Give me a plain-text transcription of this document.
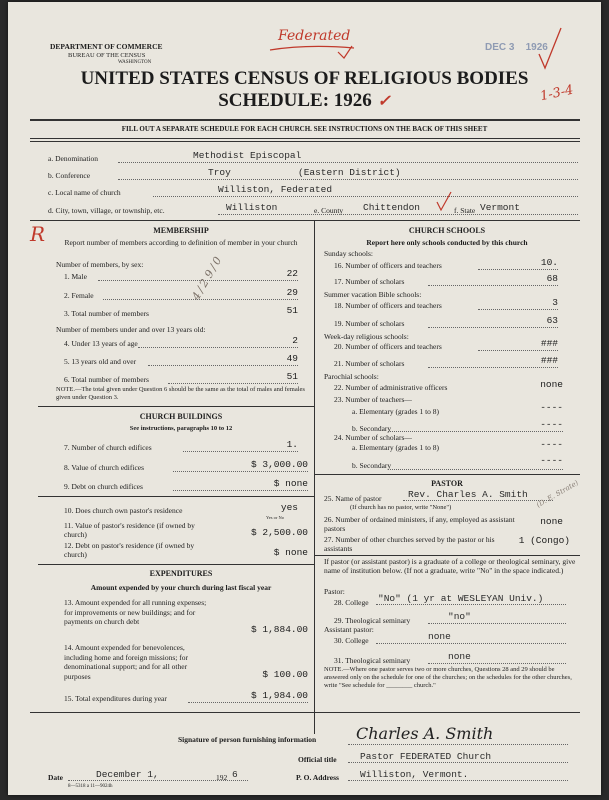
DEPARTMENT OF COMMERCE
BUREAU OF THE CENSUS
WASHINGTON
Federated
DEC 3 1926
1-3-4
UNITED STATES CENSUS OF RELIGIOUS BODIES
SCHEDULE: 1926 ✓
FILL OUT A SEPARATE SCHEDULE FOR EACH CHURCH. SEE INSTRUCTIONS ON THE BACK OF THIS SHEET
a. Denomination	Methodist Episcopal
b. Conference	Troy	(Eastern District)
c. Local name of church	Williston, Federated
d. City, town, village, or township, etc.	Williston	e. County Chittendon	f. State Vermont
R	MEMBERSHIP
Report number of members according to definition of member in your church
Number of members, by sex:
1. Male	22
4 / 2 9 / 0
2. Female	29
3. Total number of members	51
Number of members under and over 13 years old:
4. Under 13 years of age	2
5. 13 years old and over	49
6. Total number of members	51
NOTE.—The total given under Question 6 should be the same as the total of males and females given under Question 3.
CHURCH BUILDINGS
See instructions, paragraphs 10 to 12
7. Number of church edifices	1.
8. Value of church edifices	$ 3,000.00
9. Debt on church edifices	$ none
10. Does church own pastor's residence	yes
Yes or No
11. Value of pastor's residence (if owned by church)	$ 2,500.00
12. Debt on pastor's residence (if owned by church)	$ none
EXPENDITURES
Amount expended by your church during last fiscal year
13. Amount expended for all running expenses; for improvements or new buildings; and for payments on church debt
$ 1,884.00
14. Amount expended for benevolences, including home and foreign missions; for denominational support; and for all other purposes	$ 100.00
15. Total expenditures during year	$ 1,984.00
CHURCH SCHOOLS
Report here only schools conducted by this church
Sunday schools:
16. Number of officers and teachers	10.
17. Number of scholars	68
Summer vacation Bible schools:
18. Number of officers and teachers	3
19. Number of scholars	63
Week-day religious schools:
20. Number of officers and teachers	###
21. Number of scholars	###
Parochial schools:
22. Number of administrative officers	none
23. Number of teachers—
a. Elementary (grades 1 to 8)	----
b. Secondary	----
24. Number of scholars—
a. Elementary (grades 1 to 8)	----
b. Secondary	----
PASTOR
25. Name of pastor	Rev. Charles A. Smith (D. E. Strate)
(If church has no pastor, write "None")
26. Number of ordained ministers, if any, employed as assistant pastors
none
27. Number of other churches served by the pastor or his assistants
1 (Congo)
If pastor (or assistant pastor) is a graduate of a college or theological seminary, give name of institution below. (If not a graduate, write "No" in the space indicated.)
Pastor:
28. College "No" (1 yr at WESLEYAN Univ.)
29. Theological seminary	"no"
Assistant pastor:
30. College	none
31. Theological seminary	none
NOTE.—Where one pastor serves two or more churches, Questions 28 and 29 should be answered only on the schedule for one of the churches; on the schedules for the other churches, write "See schedule for ________ church."
Signature of person furnishing information Charles A. Smith
Official title Pastor FEDERATED Church
Date	December 1,	192 6	P. O. Address Williston, Vermont.
8—5318 a 11—9024h
